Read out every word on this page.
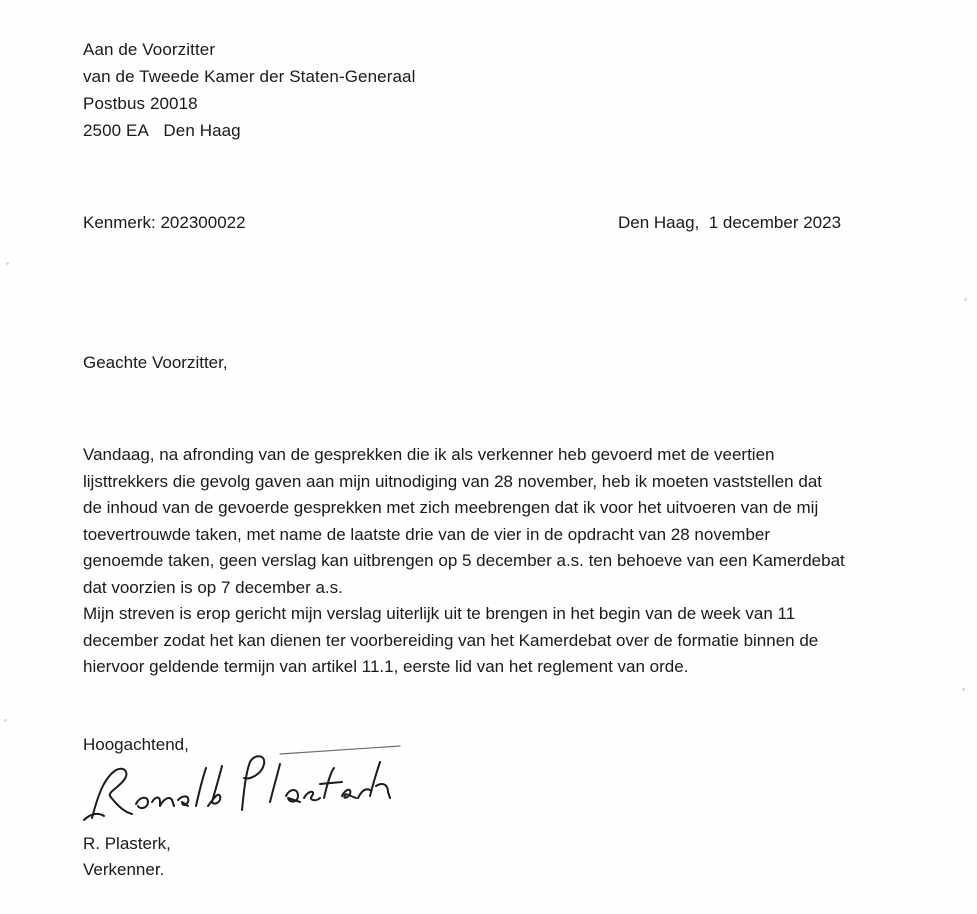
Aan de Voorzitter
van de Tweede Kamer der Staten-Generaal
Postbus 20018
2500 EA   Den Haag
Kenmerk: 202300022	Den Haag,  1 december 2023
Geachte Voorzitter,
Vandaag, na afronding van de gesprekken die ik als verkenner heb gevoerd met de veertien
lijsttrekkers die gevolg gaven aan mijn uitnodiging van 28 november, heb ik moeten vaststellen dat
de inhoud van de gevoerde gesprekken met zich meebrengen dat ik voor het uitvoeren van de mij
toevertrouwde taken, met name de laatste drie van de vier in de opdracht van 28 november
genoemde taken, geen verslag kan uitbrengen op 5 december a.s. ten behoeve van een Kamerdebat
dat voorzien is op 7 december a.s.
Mijn streven is erop gericht mijn verslag uiterlijk uit te brengen in het begin van de week van 11
december zodat het kan dienen ter voorbereiding van het Kamerdebat over de formatie binnen de
hiervoor geldende termijn van artikel 11.1, eerste lid van het reglement van orde.
Hoogachtend,
R. Plasterk,
Verkenner.
